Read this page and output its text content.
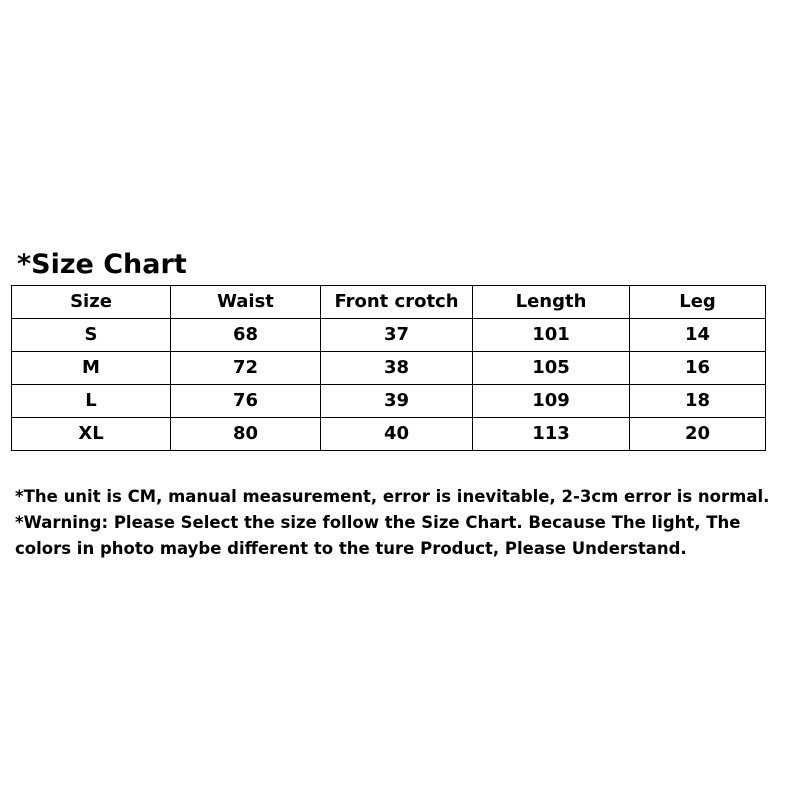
*Size Chart
Size	Waist	Front crotch	Length	Leg
S	68	37	101	14
M	72	38	105	16
L	76	39	109	18
XL	80	40	113	20

*The unit is CM, manual measurement, error is inevitable, 2-3cm error is normal.

*Warning: Please Select the size follow the Size Chart. Because The light, The

colors in photo maybe different to the ture Product, Please Understand.
